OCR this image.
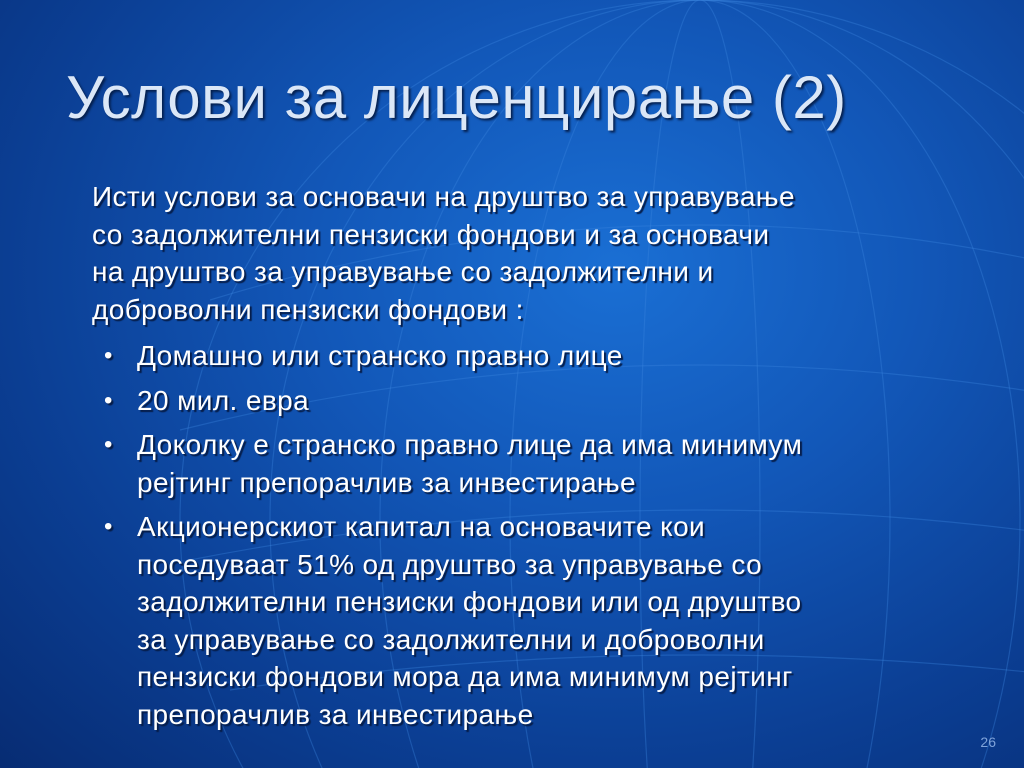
Услови за лиценцирање (2)

Исти услови за основачи на друштво за управување
со задолжителни пензиски фондови и за основачи
на друштво за управување со задолжителни и
доброволни пензиски фондови :

• Домашно или странско правно лице
• 20 мил. евра
• Доколку е странско правно лице да има минимум
рејтинг препорачлив за инвестирање
• Акционерскиот капитал на основачите кои
поседуваат 51% од друштво за управување со
задолжителни пензиски фондови или од друштво
за управување со задолжителни и доброволни
пензиски фондови мора да има минимум рејтинг
препорачлив за инвестирање
26
